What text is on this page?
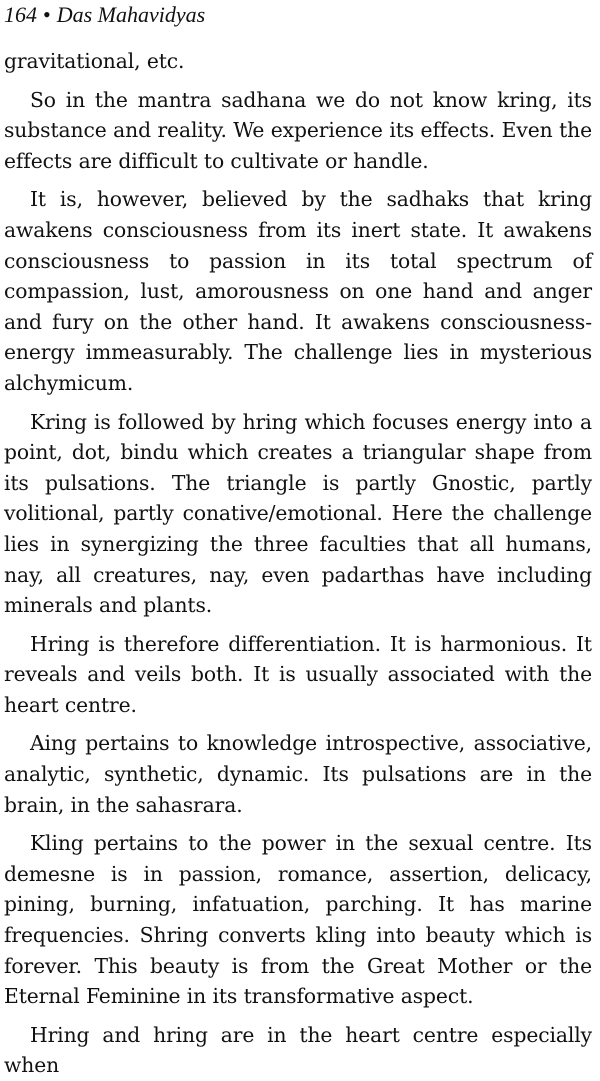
164 • Das Mahavidyas

gravitational, etc.

So in the mantra sadhana we do not know kring, its substance and reality. We experience its effects. Even the effects are difficult to cultivate or handle.

It is, however, believed by the sadhaks that kring awakens consciousness from its inert state. It awakens consciousness to passion in its total spectrum of compassion, lust, amorousness on one hand and anger and fury on the other hand. It awakens consciousness-energy immeasurably. The challenge lies in mysterious alchymicum.

Kring is followed by hring which focuses energy into a point, dot, bindu which creates a triangular shape from its pulsations. The triangle is partly Gnostic, partly volitional, partly conative/emotional. Here the challenge lies in synergizing the three faculties that all humans, nay, all creatures, nay, even padarthas have including minerals and plants.

Hring is therefore differentiation. It is harmonious. It reveals and veils both. It is usually associated with the heart centre.

Aing pertains to knowledge introspective, associative, analytic, synthetic, dynamic. Its pulsations are in the brain, in the sahasrara.

Kling pertains to the power in the sexual centre. Its demesne is in passion, romance, assertion, delicacy, pining, burning, infatuation, parching. It has marine frequencies. Shring converts kling into beauty which is forever. This beauty is from the Great Mother or the Eternal Feminine in its transformative aspect.

Hring and hring are in the heart centre especially when
